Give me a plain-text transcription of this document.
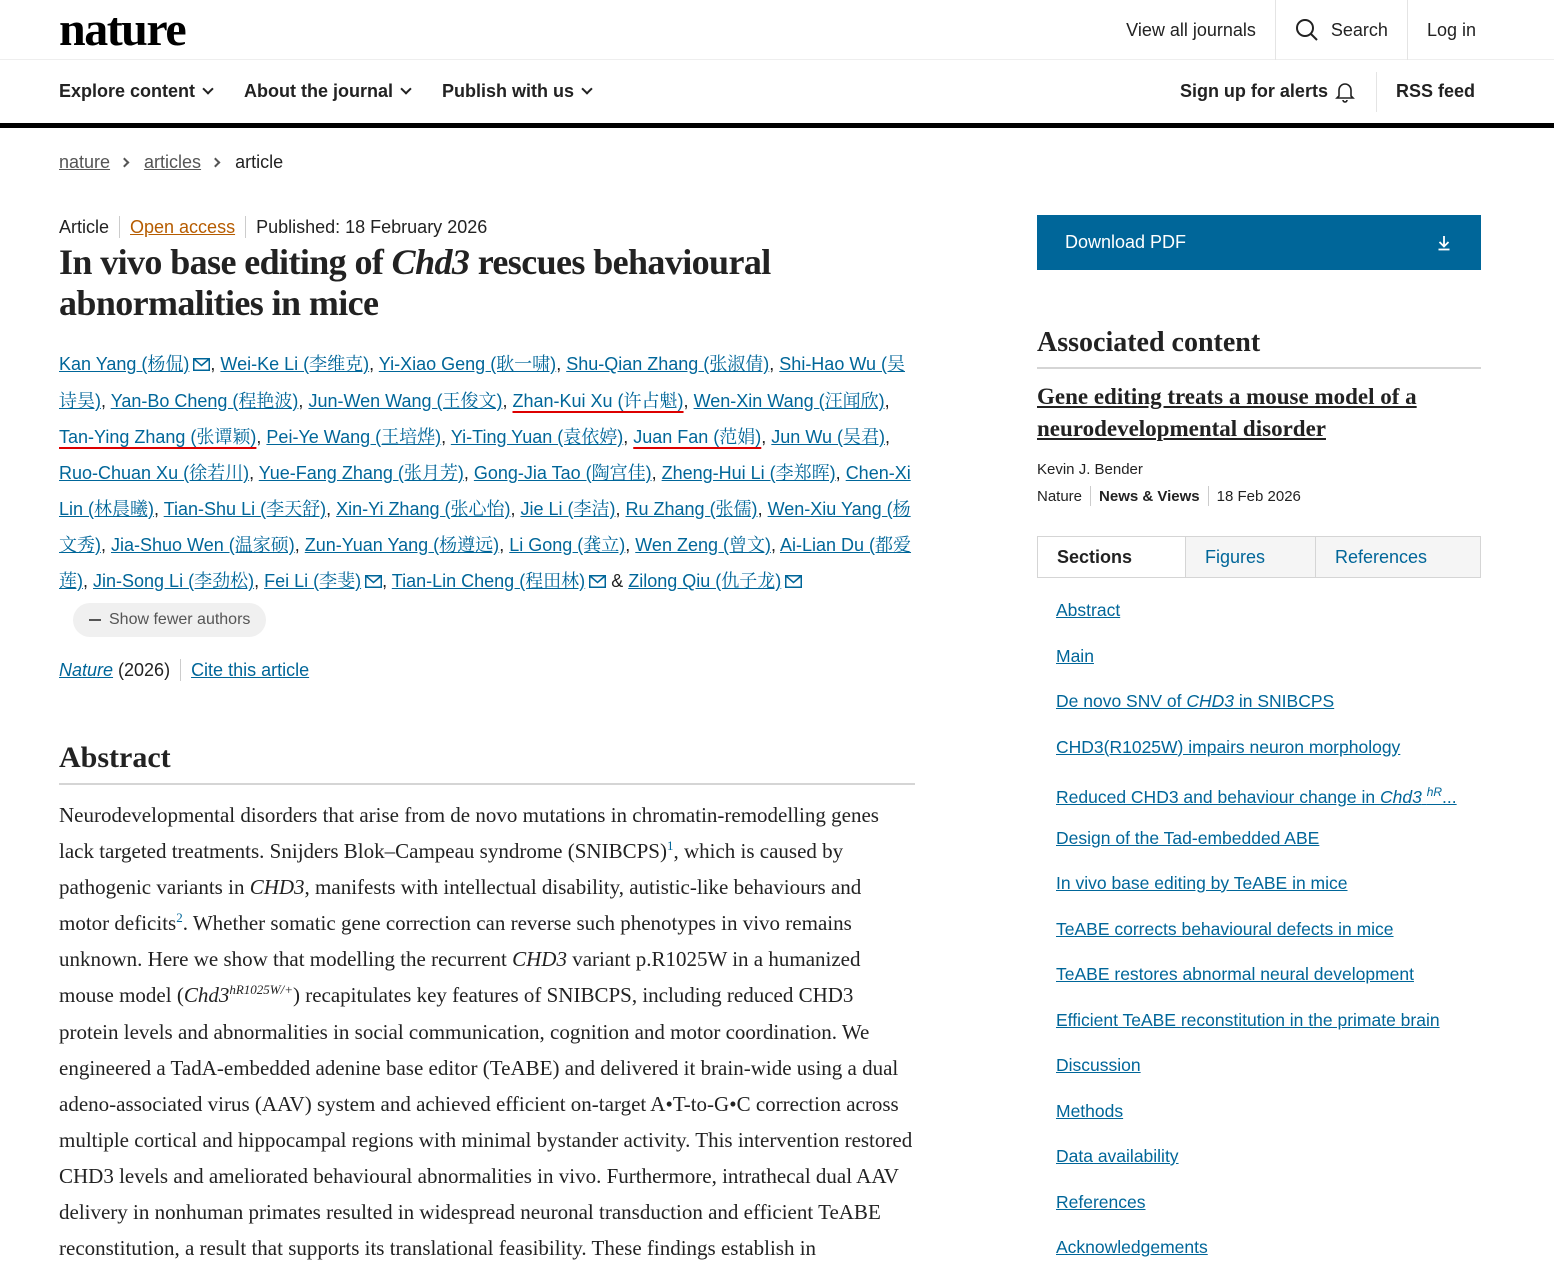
nature	View all journals	Search	Log in
Explore content	About the journal	Publish with us	Sign up for alerts	RSS feed
nature articles article
Article Open access Published: 18 February 2026
In vivo base editing of Chd3 rescues behavioural abnormalities in mice
Kan Yang (杨侃) , Wei-Ke Li (李维克), Yi-Xiao Geng (耿一啸), Shu-Qian Zhang (张淑倩), Shi-Hao Wu (吴诗昊), Yan-Bo Cheng (程艳波), Jun-Wen Wang (王俊文), Zhan-Kui Xu (许占魁), Wen-Xin Wang (汪闻欣), Tan-Ying Zhang (张谭颖), Pei-Ye Wang (王培烨), Yi-Ting Yuan (袁依婷), Juan Fan (范娟), Jun Wu (吴君), Ruo-Chuan Xu (徐若川), Yue-Fang Zhang (张月芳), Gong-Jia Tao (陶宫佳), Zheng-Hui Li (李郑晖), Chen-Xi Lin (林晨曦), Tian-Shu Li (李天舒), Xin-Yi Zhang (张心怡), Jie Li (李洁), Ru Zhang (张儒), Wen-Xiu Yang (杨文秀), Jia-Shuo Wen (温家硕), Zun-Yuan Yang (杨遵远), Li Gong (龚立), Wen Zeng (曾文), Ai-Lian Du (都爱莲), Jin-Song Li (李劲松), Fei Li (李斐) , Tian-Lin Cheng (程田林) & Zilong Qiu (仇子龙)Show fewer authors
Nature (2026) Cite this article
Abstract

Neurodevelopmental disorders that arise from de novo mutations in chromatin-remodelling genes lack targeted treatments. Snijders Blok–Campeau syndrome (SNIBCPS)$^1$, which is caused by pathogenic variants in CHD3, manifests with intellectual disability, autistic-like behaviours and motor deficits$^2$. Whether somatic gene correction can reverse such phenotypes in vivo remains unknown. Here we show that modelling the recurrent CHD3 variant p.R1025W in a humanized mouse model $(Chd3^{hR1025W/+})$ recapitulates key features of SNIBCPS, including reduced CHD3 protein levels and abnormalities in social communication, cognition and motor coordination. We engineered a TadA-embedded adenine base editor (TeABE) and delivered it brain-wide using a dual adeno-associated virus (AAV) system and achieved efficient on-target A•T-to-G•C correction across multiple cortical and hippocampal regions with minimal bystander activity. This intervention restored CHD3 levels and ameliorated behavioural abnormalities in vivo. Furthermore, intrathecal dual AAV delivery in nonhuman primates resulted in widespread neuronal transduction and efficient TeABE reconstitution, a result that supports its translational feasibility. These findings establish in

Download PDF
Associated content
Gene editing treats a mouse model of a neurodevelopmental disorder
Kevin J. Bender
Nature News & Views 18 Feb 2026
Sections	Figures	References
Abstract
Main
De novo SNV of CHD3 in SNIBCPS
CHD3(R1025W) impairs neuron morphology
Reduced CHD3 and behaviour change in Chd3 $^{hR}$...
Design of the Tad-embedded ABE
In vivo base editing by TeABE in mice
TeABE corrects behavioural defects in mice
TeABE restores abnormal neural development
Efficient TeABE reconstitution in the primate brain
Discussion
Methods
Data availability
References
Acknowledgements
